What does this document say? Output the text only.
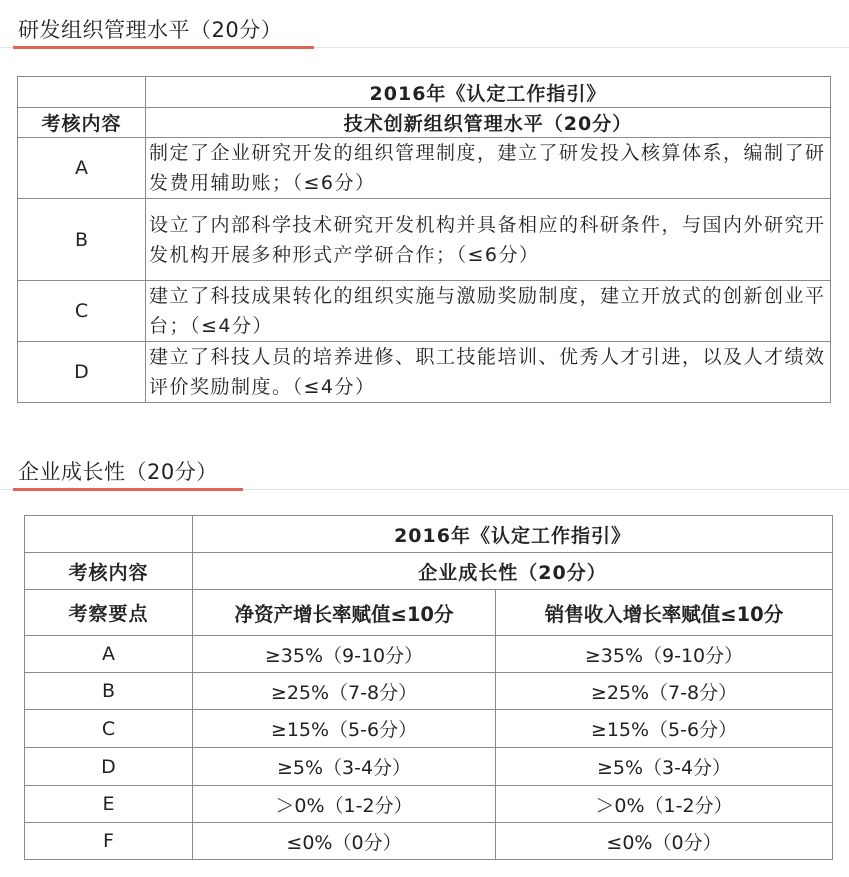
研发组织管理水平（20分）
	2016年《认定工作指引》
考核内容	技术创新组织管理水平（20分）
A	制定了企业研究开发的组织管理制度，建立了研发投入核算体系，编制了研发费用辅助账；（≤6分）
B	设立了内部科学技术研究开发机构并具备相应的科研条件，与国内外研究开发机构开展多种形式产学研合作；（≤6分）
C	建立了科技成果转化的组织实施与激励奖励制度，建立开放式的创新创业平台；（≤4分）
D	建立了科技人员的培养进修、职工技能培训、优秀人才引进，以及人才绩效评价奖励制度。（≤4分）
企业成长性（20分）
	2016年《认定工作指引》	
考核内容	企业成长性（20分）	
考察要点	净资产增长率赋值≤10分	销售收入增长率赋值≤10分
A	≥35%（9-10分）	≥35%（9-10分）
B	≥25%（7-8分）	≥25%（7-8分）
C	≥15%（5-6分）	≥15%（5-6分）
D	≥5%（3-4分）	≥5%（3-4分）
E	＞0%（1-2分）	＞0%（1-2分）
F	≤0%（0分）	≤0%（0分）
